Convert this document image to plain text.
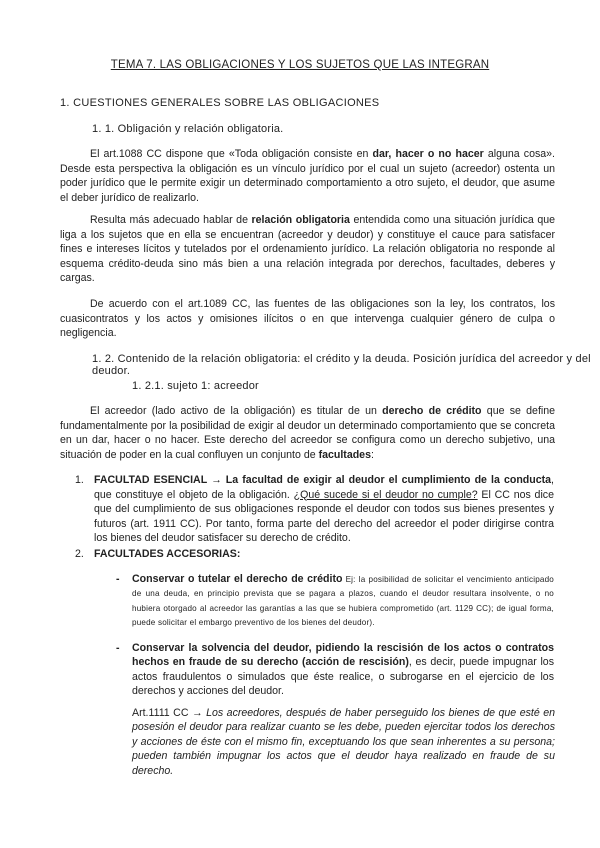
TEMA 7. LAS OBLIGACIONES Y LOS SUJETOS QUE LAS INTEGRAN
1. CUESTIONES GENERALES SOBRE LAS OBLIGACIONES
1. 1. Obligación y relación obligatoria.
El art.1088 CC dispone que «Toda obligación consiste en dar, hacer o no hacer alguna cosa». Desde esta perspectiva la obligación es un vínculo jurídico por el cual un sujeto (acreedor) ostenta un poder jurídico que le permite exigir un determinado comportamiento a otro sujeto, el deudor, que asume el deber jurídico de realizarlo.
Resulta más adecuado hablar de relación obligatoria entendida como una situación jurídica que liga a los sujetos que en ella se encuentran (acreedor y deudor) y constituye el cauce para satisfacer fines e intereses lícitos y tutelados por el ordenamiento jurídico. La relación obligatoria no responde al esquema crédito-deuda sino más bien a una relación integrada por derechos, facultades, deberes y cargas.
De acuerdo con el art.1089 CC, las fuentes de las obligaciones son la ley, los contratos, los cuasicontratos y los actos y omisiones ilícitos o en que intervenga cualquier género de culpa o negligencia.
1. 2. Contenido de la relación obligatoria: el crédito y la deuda. Posición jurídica del acreedor y del deudor.
1. 2.1. sujeto 1: acreedor
El acreedor (lado activo de la obligación) es titular de un derecho de crédito que se define fundamentalmente por la posibilidad de exigir al deudor un determinado comportamiento que se concreta en un dar, hacer o no hacer. Este derecho del acreedor se configura como un derecho subjetivo, una situación de poder en la cual confluyen un conjunto de facultades:
1. FACULTAD ESENCIAL → La facultad de exigir al deudor el cumplimiento de la conducta, que constituye el objeto de la obligación. ¿Qué sucede si el deudor no cumple? El CC nos dice que del cumplimiento de sus obligaciones responde el deudor con todos sus bienes presentes y futuros (art. 1911 CC). Por tanto, forma parte del derecho del acreedor el poder dirigirse contra los bienes del deudor satisfacer su derecho de crédito.
2. FACULTADES ACCESORIAS:
- Conservar o tutelar el derecho de crédito Ej: la posibilidad de solicitar el vencimiento anticipado de una deuda, en principio prevista que se pagara a plazos, cuando el deudor resultara insolvente, o no hubiera otorgado al acreedor las garantías a las que se hubiera comprometido (art. 1129 CC); de igual forma, puede solicitar el embargo preventivo de los bienes del deudor).
- Conservar la solvencia del deudor, pidiendo la rescisión de los actos o contratos hechos en fraude de su derecho (acción de rescisión), es decir, puede impugnar los actos fraudulentos o simulados que éste realice, o subrogarse en el ejercicio de los derechos y acciones del deudor.
Art.1111 CC → Los acreedores, después de haber perseguido los bienes de que esté en posesión el deudor para realizar cuanto se les debe, pueden ejercitar todos los derechos y acciones de éste con el mismo fin, exceptuando los que sean inherentes a su persona; pueden también impugnar los actos que el deudor haya realizado en fraude de su derecho.
